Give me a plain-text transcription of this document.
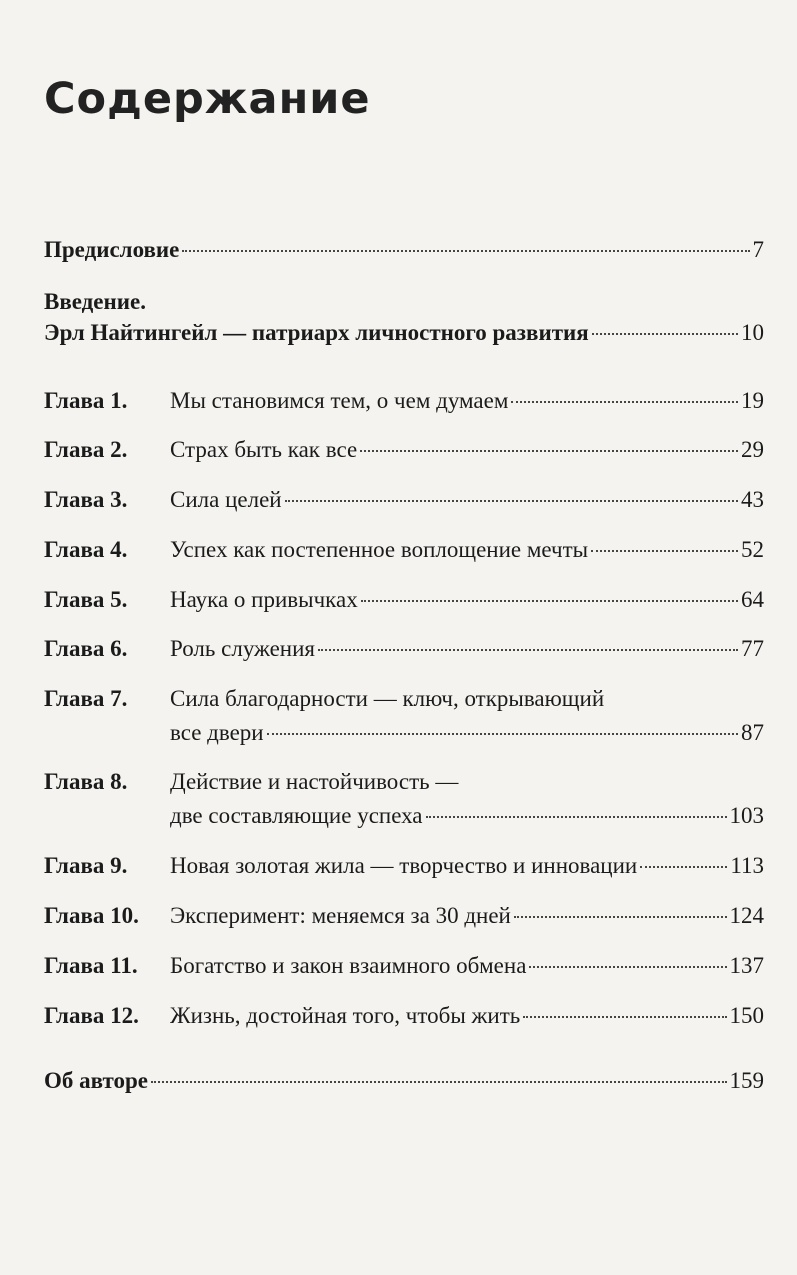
Содержание
Предисловие	7
Введение.
Эрл Найтингейл — патриарх личностного развития	10
Глава 1.	Мы становимся тем, о чем думаем	19
Глава 2.	Страх быть как все	29
Глава 3.	Сила целей	43
Глава 4.	Успех как постепенное воплощение мечты	52
Глава 5.	Наука о привычках	64
Глава 6.	Роль служения	77
Глава 7.	Сила благодарности — ключ, открывающий
все двери	87
Глава 8.	Действие и настойчивость —
две составляющие успеха	103
Глава 9.	Новая золотая жила — творчество и инновации	113
Глава 10.	Эксперимент: меняемся за 30 дней	124
Глава 11.	Богатство и закон взаимного обмена	137
Глава 12.	Жизнь, достойная того, чтобы жить	150
Об авторе	159
